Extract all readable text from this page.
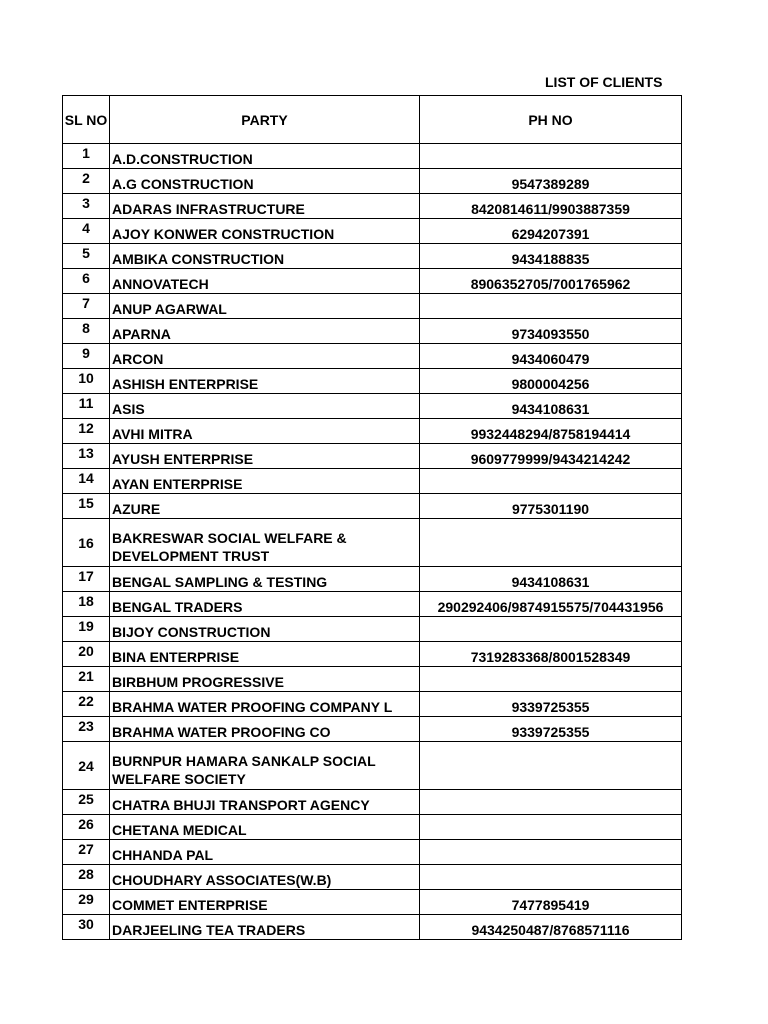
LIST OF CLIENTS
SL NO	PARTY	PH NO
1	A.D.CONSTRUCTION	
2	A.G CONSTRUCTION	9547389289
3	ADARAS INFRASTRUCTURE	8420814611/9903887359
4	AJOY KONWER CONSTRUCTION	6294207391
5	AMBIKA CONSTRUCTION	9434188835
6	ANNOVATECH	8906352705/7001765962
7	ANUP AGARWAL	
8	APARNA	9734093550
9	ARCON	9434060479
10	ASHISH ENTERPRISE	9800004256
11	ASIS	9434108631
12	AVHI MITRA	9932448294/8758194414
13	AYUSH ENTERPRISE	9609779999/9434214242
14	AYAN ENTERPRISE	
15	AZURE	9775301190
16	BAKRESWAR SOCIAL WELFARE & DEVELOPMENT TRUST	
17	BENGAL SAMPLING & TESTING	9434108631
18	BENGAL TRADERS	290292406/9874915575/704431956
19	BIJOY CONSTRUCTION	
20	BINA ENTERPRISE	7319283368/8001528349
21	BIRBHUM PROGRESSIVE	
22	BRAHMA WATER PROOFING COMPANY L	9339725355
23	BRAHMA WATER PROOFING CO	9339725355
24	BURNPUR HAMARA SANKALP SOCIAL WELFARE SOCIETY	
25	CHATRA BHUJI TRANSPORT AGENCY	
26	CHETANA MEDICAL	
27	CHHANDA PAL	
28	CHOUDHARY ASSOCIATES(W.B)	
29	COMMET ENTERPRISE	7477895419
30	DARJEELING TEA TRADERS	9434250487/8768571116
